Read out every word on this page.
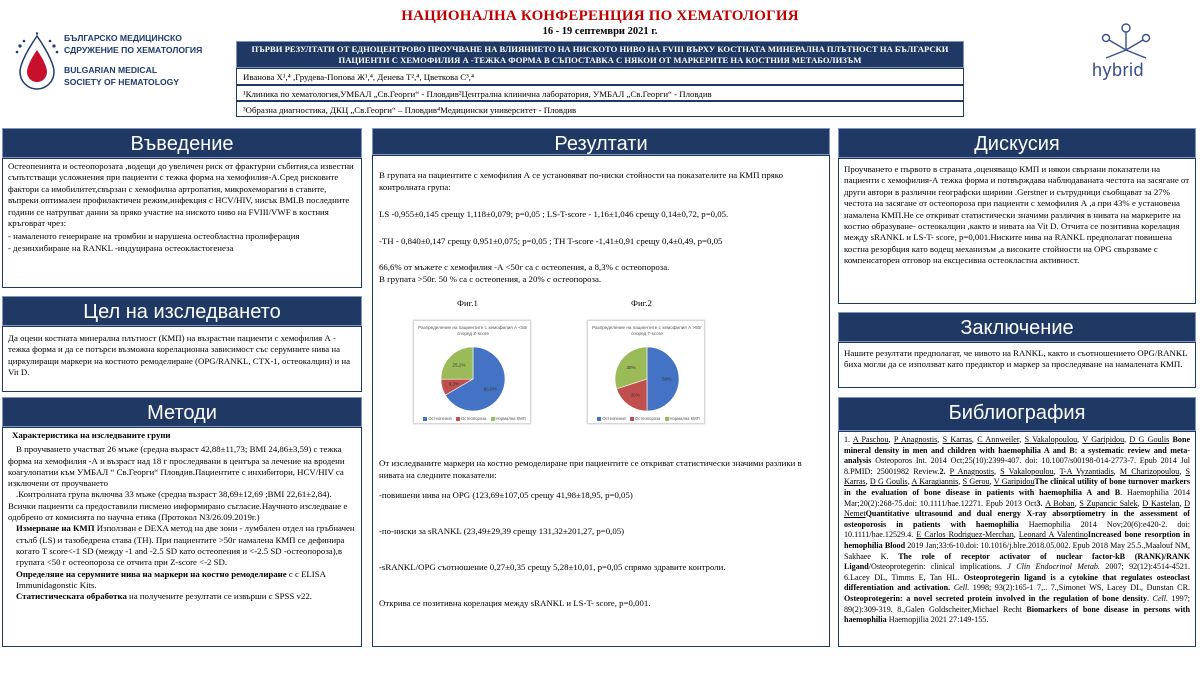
НАЦИОНАЛНА КОНФЕРЕНЦИЯ ПО ХЕМАТОЛОГИЯ
16 - 19 септември 2021 г.
БЪЛГАРСКО МЕДИЦИНСКО
СДРУЖЕНИЕ ПО ХЕМАТОЛОГИЯ
BULGARIAN MEDICAL
SOCIETY OF HEMATOLOGY
hybrid
ПЪРВИ РЕЗУЛТАТИ ОТ ЕДНОЦЕНТРОВО ПРОУЧВАНЕ НА ВЛИЯНИЕТО НА НИСКОТО НИВО НА FVIII ВЪРХУ КОСТНАТА МИНЕРАЛНА ПЛЪТНОСТ НА БЪЛГАРСКИ ПАЦИЕНТИ С ХЕМОФИЛИЯ А -ТЕЖКА ФОРМА В СЪПОСТАВКА С НЯКОИ ОТ МАРКЕРИТЕ НА КОСТНИЯ МЕТАБОЛИЗЪМ
Иванова Х¹,⁴ ,Грудева-Попова Ж¹,⁴, Денева Т²,⁴, Цветкова С³,⁴
¹Клиника по хематология,УМБАЛ „Св.Георги“ - Пловдив²Централна клинична лаборатория, УМБАЛ „Св.Георги“ - Пловдив
³Образна диагностика, ДКЦ „Св.Георги“ – Пловдив⁴Медицински университет - Пловдив
Въведение
Остеопенията и остеопорозата ,водещи до увеличен риск от фрактурни събития,са известни съпътстващи усложнения при пациенти с тежка форма на хемофилия-А.Сред рисковите фактори са имобилитет,свързан с хемофилна артропатия, микрохеморагии в ставите, въпреки оптимален профилактичен режим,инфекция с HCV/HIV, нисък BMI.В последните години се натрупват данни за пряко участие на ниското ниво на FVIII/VWF в костния кръговрат чрез:
- намаленото генериране на тромбин и нарушена остеобластна пролиферация
- дезинхибиране на RANKL -индуцирана остеокластогенеза
Цел на изследването
Да оцени костната минерална плътност (КМП) на възрастни пациенти с хемофилия А - тежка форма и да се потърси възможна корелационна зависимост със серумните нива на циркулиращи маркери на костното ремоделиране (OPG/RANKL, CTX-1, остеокалцин) и на Vit D.
Методи
Характеристика на изследваните групи
В проучването участват 26 мъже (средна възраст 42,88±11,73; BMI 24,86±3,59) с тежка форма на хемофилия -А и възраст над 18 г проследявани в центъра за лечение на вродени коагулопатии към УМБАЛ “ Св.Георги“ Пловдив.Пациентите с инхибитори, HCV/HIV са изключени от проучването
.Контролната група включва 33 мъже (средна възраст 38,69±12,69 ;BMI 22,61±2,84).
Всички пациенти са предоставили писмено информирано съгласие.Научното изследване е одобрено от комисията по научна етика (Протокол N3/26.09.2019г.)
Измерване на КМП Използван е DEXA метод на две зони - лумбален отдел на гръбначен стълб (LS) и тазобедрена става (TH). При пациентите >50г намалена КМП се дефинира когато T score<-1 SD (между -1 and -2.5 SD като остеопения и <-2.5 SD -остеопороза),в групата <50 г остеопороза се отчита при Z-score <-2 SD.
Определяне на серумните нива на маркери на костно ремоделиране с с ELISA Immunidagonstic Kits.
Статистическата обработка на получените резултати се извърши с SPSS v22.
Резултати
В групата на пациентите с хемофилия А се установяват по-ниски стойности на показателите на КМП пряко контролната група:
LS -0,955±0,145 срещу 1,118±0,079; p=0,05 ; LS-T-score - 1,16±1,046 срещу 0,14±0,72, p=0,05.
-TH - 0,840±0,147 срещу 0,951±0,075; p=0,05 ; TH T-score -1,41±0,91 срещу 0,4±0,49, p=0,05
66,6% от мъжете с хемофилия -А <50г са с остеопения, а 8,3% с остеопороза.
В групата >50г. 50 % са с остеопения, а 20% с остеопороза.
Фиг.1	Фиг.2
Разпределение на пациентите с хемофилия А <50г според Z-score
66,6%
8,3%
25,1%
Остеопения Остеопороза Нормална КМП
Разпределение на пациентите с хемофилия А >50г според T-score
50%
20%
30%
Остеопения Остеопороза Нормална КМП
От изследваните маркери на костно ремоделиране при пациентите се откриват статистически значими разлики в нивата на следните показатели:
-повишени нива на OPG (123,69±107,05 срещу 41,98±18,95, p=0,05)
-по-ниски за sRANKL (23,49±29,39 срещу 131,32±201,27, p=0,05)
-sRANKL/OPG съотношение 0,27±0,35 срещу 5,28±10,01, p=0,05 спрямо здравите контроли.
Открива се позитивна корелация между sRANKL и LS-T- score, p=0,001.
Дискусия
Проучването е първото в страната ,оценяващо КМП и някои свързани показатели на пациенти с хемофилия-А тежка форма и потвърждава наблюдаваната честота на засягане от други автори в различни географски ширини .Gerstner и сътрудници съобщават за 27% честота на засягане от остеопороза при пациенти с хемофилия А ,а при 43% е установена намалена КМП.Не се откриват статистически значими различия в нивата на маркерите на костно образуване- остеокалцин ,както и нивата на Vit D. Отчита се позитивна корелация между sRANKL и LS-T- score, p=0,001.Ниските нива на RANKL предполагат повишена костна резорбция като водещ механизъм ,а високите стойности на OPG свързваме с компенсаторен отговор на ексцесивна остеокластна активност.
Заключение
Нашите резултати предполагат, че нивото на RANKL, както и съотношението OPG/RANKL биха могли да се използват като предиктор и маркер за проследяване на намалената КМП.
Библиография
1. A Paschou, P Anagnostis, S Karras, C Annweiler, S Vakalopoulou, V Garipidou, D G Goulis Bone mineral density in men and children with haemophilia A and B: a systematic review and meta-analysis Osteoporos Int. 2014 Oct;25(10):2399-407. doi: 10.1007/s00198-014-2773-7. Epub 2014 Jul 8.PMID: 25001982 Review.2. P Anagnostis, S Vakalopoulou, T-A Vyzantiadis, M Charizopoulou, S Karras, D G Goulis, A Karagiannis, S Gerou, V GaripidouThe clinical utility of bone turnover markers in the evaluation of bone disease in patients with haemophilia A and B. Haemophilia 2014 Mar;20(2):268-75.doi: 10.1111/hae.12271. Epub 2013 Oct3. A Boban, S Zupancic Salek, D Kastelan, D NemetQuantitative ultrasound and dual energy X-ray absorptiometry in the assessment of osteoporosis in patients with haemophilia Haemophilia 2014 Nov;20(6):e420-2. doi: 10.1111/hae.12529.4. E Carlos Rodriguez-Merchan, Leonard A ValentinoIncreased bone resorption in hemophilia Blood 2019 Jan;33:6-10.doi: 10.1016/j.blre.2018.05.002. Epub 2018 May 25.5.,Maalouf NM, Sakhaee K. The role of receptor activator of nuclear factor-kB (RANK)/RANK Ligand/Osteoprotegerin: clinical implications. J Clin Endocrinol Metab. 2007; 92(12):4514-4521. 6.Lacey DL, Timms E, Tan HL. Osteoprotegerin ligand is a cytokine that regulates osteoclast differentiation and activation. Cell. 1998; 93(2):165-1 7,.. 7.,Simonet WS, Lacey DL, Dunstan CR. Osteoprotegerin: a novel secreted protein involved in the regulation of bone density. Cell. 1997; 89(2):309-319. 8.,Galen Goldscheiter,Michael Recht Biomarkers of bone disease in persons with haemophilia Haemopjilia 2021 27:149-155.
